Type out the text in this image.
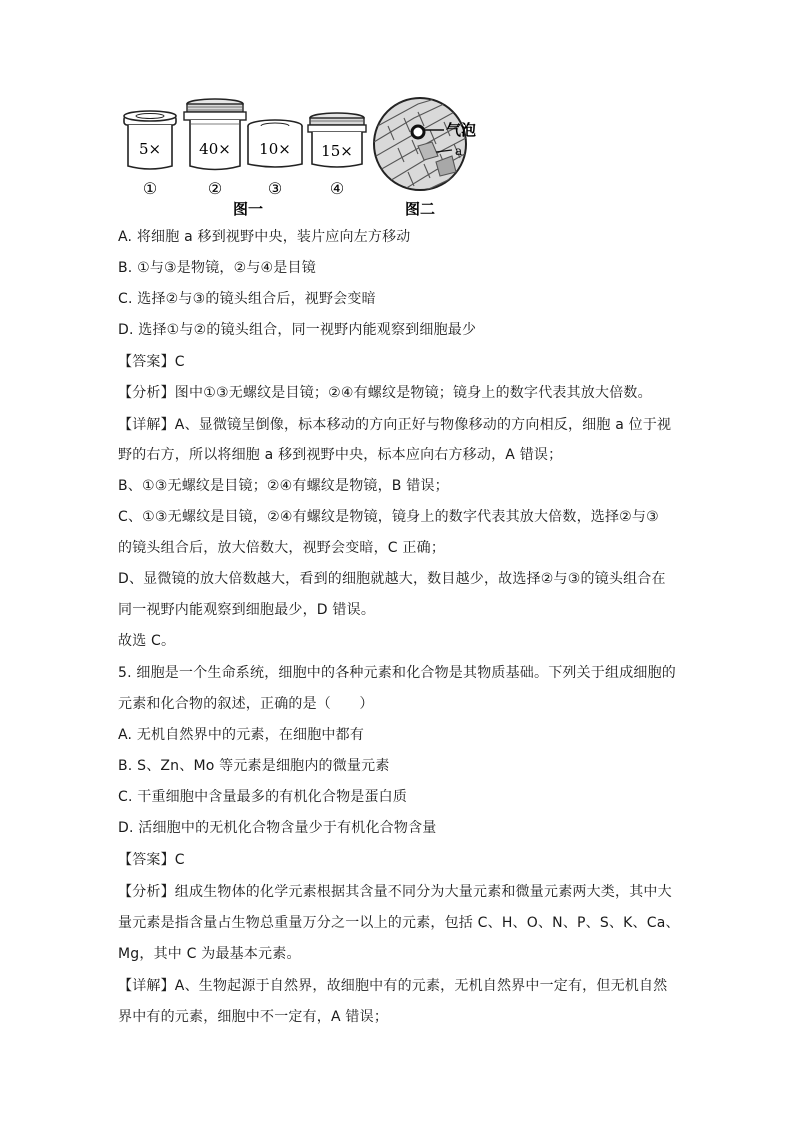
5×
①
40×
②
10×
③
15×
④
图一
气泡
a
图二
A. 将细胞 a 移到视野中央，装片应向左方移动
B. ①与③是物镜，②与④是目镜
C. 选择②与③的镜头组合后，视野会变暗
D. 选择①与②的镜头组合，同一视野内能观察到细胞最少
【答案】C
【分析】图中①③无螺纹是目镜；②④有螺纹是物镜；镜身上的数字代表其放大倍数。
【详解】A、显微镜呈倒像，标本移动的方向正好与物像移动的方向相反，细胞 a 位于视
野的右方，所以将细胞 a 移到视野中央，标本应向右方移动，A 错误；
B、①③无螺纹是目镜；②④有螺纹是物镜，B 错误；
C、①③无螺纹是目镜，②④有螺纹是物镜，镜身上的数字代表其放大倍数，选择②与③
的镜头组合后，放大倍数大，视野会变暗，C 正确；
D、显微镜的放大倍数越大，看到的细胞就越大，数目越少，故选择②与③的镜头组合在
同一视野内能观察到细胞最少，D 错误。
故选 C。
5. 细胞是一个生命系统，细胞中的各种元素和化合物是其物质基础。下列关于组成细胞的
元素和化合物的叙述，正确的是（　　）
A. 无机自然界中的元素，在细胞中都有
B. S、Zn、Mo 等元素是细胞内的微量元素
C. 干重细胞中含量最多的有机化合物是蛋白质
D. 活细胞中的无机化合物含量少于有机化合物含量
【答案】C
【分析】组成生物体的化学元素根据其含量不同分为大量元素和微量元素两大类，其中大
量元素是指含量占生物总重量万分之一以上的元素，包括 C、H、O、N、P、S、K、Ca、
Mg，其中 C 为最基本元素。
【详解】A、生物起源于自然界，故细胞中有的元素，无机自然界中一定有，但无机自然
界中有的元素，细胞中不一定有，A 错误；
